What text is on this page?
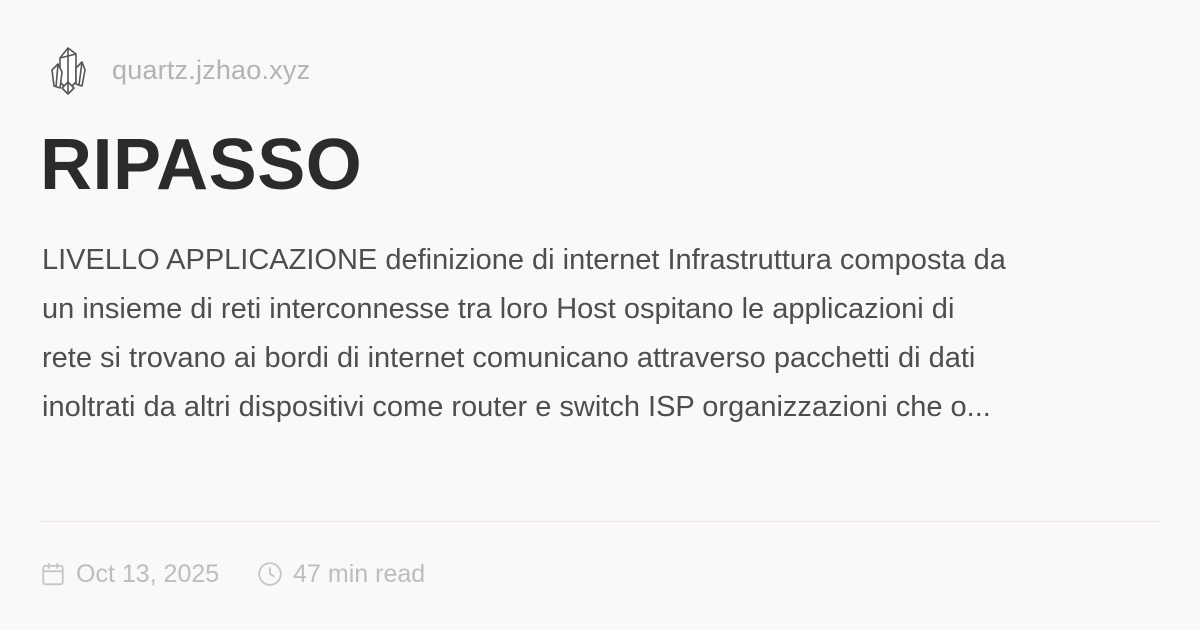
quartz.jzhao.xyz
RIPASSO

LIVELLO APPLICAZIONE definizione di internet Infrastruttura composta da
un insieme di reti interconnesse tra loro Host ospitano le applicazioni di
rete si trovano ai bordi di internet comunicano attraverso pacchetti di dati
inoltrati da altri dispositivi come router e switch ISP organizzazioni che o...

Oct 13, 2025	47 min read
